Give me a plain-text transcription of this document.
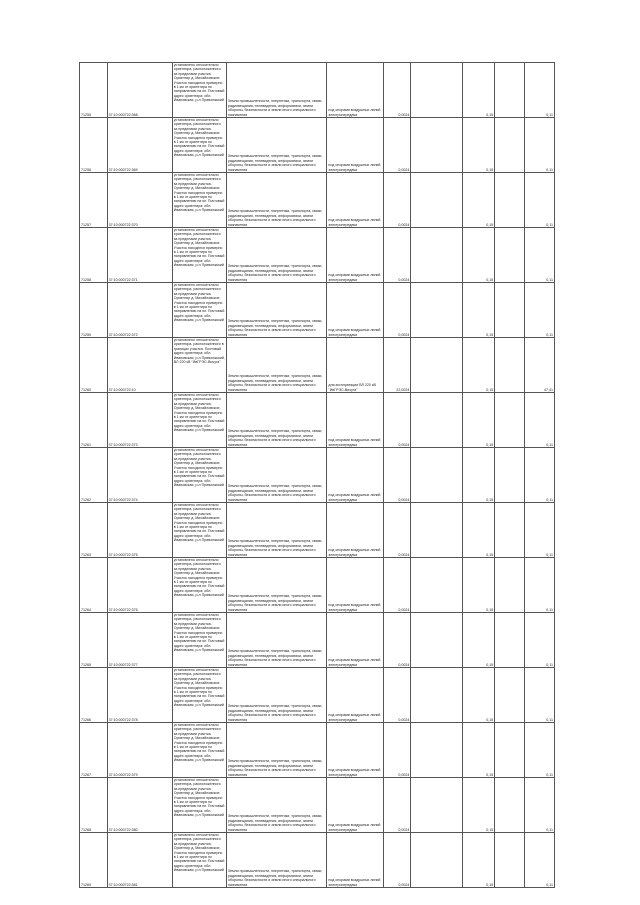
71255	37:10:000722:368	установлено относительно ориентира, расположенного за пределами участка. Ориентир д. Михайловское. Участок находится примерно в 1 км от ориентира по направлению на юг. Почтовый адрес ориентира: обл. Ивановская, р-н Приволжский	Земли промышленности, энергетики, транспорта, связи, радиовещания, телевидения, информатики, земли обороны, безопасности и земли иного специального назначения	под опорами воздушных линий электропередачи	0,0024		0,15		0,11
71256	37:10:000722:369	установлено относительно ориентира, расположенного за пределами участка. Ориентир д. Михайловское. Участок находится примерно в 1 км от ориентира по направлению на юг. Почтовый адрес ориентира: обл. Ивановская, р-н Приволжский	Земли промышленности, энергетики, транспорта, связи, радиовещания, телевидения, информатики, земли обороны, безопасности и земли иного специального назначения	под опорами воздушных линий электропередачи	0,0024		0,15		0,11
71257	37:10:000722:370	установлено относительно ориентира, расположенного за пределами участка. Ориентир д. Михайловское. Участок находится примерно в 1 км от ориентира по направлению на юг. Почтовый адрес ориентира: обл. Ивановская, р-н Приволжский	Земли промышленности, энергетики, транспорта, связи, радиовещания, телевидения, информатики, земли обороны, безопасности и земли иного специального назначения	под опорами воздушных линий электропередачи	0,0024		0,15		0,11
71258	37:10:000722:371	установлено относительно ориентира, расположенного за пределами участка. Ориентир д. Михайловское. Участок находится примерно в 1 км от ориентира по направлению на юг. Почтовый адрес ориентира: обл. Ивановская, р-н Приволжский	Земли промышленности, энергетики, транспорта, связи, радиовещания, телевидения, информатики, земли обороны, безопасности и земли иного специального назначения	под опорами воздушных линий электропередачи	0,0024		0,15		0,11
71259	37:10:000722:372	установлено относительно ориентира, расположенного за пределами участка. Ориентир д. Михайловское. Участок находится примерно в 1 км от ориентира по направлению на юг. Почтовый адрес ориентира: обл. Ивановская, р-н Приволжский	Земли промышленности, энергетики, транспорта, связи, радиовещания, телевидения, информатики, земли обороны, безопасности и земли иного специального назначения	под опорами воздушных линий электропередачи	0,0024		0,15		0,11
71260	37:10:000722:10	установлено относительно ориентира, расположенного в границах участка. Почтовый адрес ориентира: обл. Ивановская, р-н Приволжский, ВЛ 220 кВ "ИвГРЭС-Вичуга"	Земли промышленности, энергетики, транспорта, связи, радиовещания, телевидения, информатики, земли обороны, безопасности и земли иного специального назначения	для эксплуатации ВЛ 220 кВ "ИвГРЭС-Вичуга"	22,0024		0,15		47,41
71261	37:10:000722:373	установлено относительно ориентира, расположенного за пределами участка. Ориентир д. Михайловское. Участок находится примерно в 1 км от ориентира по направлению на юг. Почтовый адрес ориентира: обл. Ивановская, р-н Приволжский	Земли промышленности, энергетики, транспорта, связи, радиовещания, телевидения, информатики, земли обороны, безопасности и земли иного специального назначения	под опорами воздушных линий электропередачи	0,0024		0,15		0,11
71262	37:10:000722:374	установлено относительно ориентира, расположенного за пределами участка. Ориентир д. Михайловское. Участок находится примерно в 1 км от ориентира по направлению на юг. Почтовый адрес ориентира: обл. Ивановская, р-н Приволжский	Земли промышленности, энергетики, транспорта, связи, радиовещания, телевидения, информатики, земли обороны, безопасности и земли иного специального назначения	под опорами воздушных линий электропередачи	0,0024		0,15		0,11
71263	37:10:000722:375	установлено относительно ориентира, расположенного за пределами участка. Ориентир д. Михайловское. Участок находится примерно в 1 км от ориентира по направлению на юг. Почтовый адрес ориентира: обл. Ивановская, р-н Приволжский	Земли промышленности, энергетики, транспорта, связи, радиовещания, телевидения, информатики, земли обороны, безопасности и земли иного специального назначения	под опорами воздушных линий электропередачи	0,0024		0,15		0,11
71264	37:10:000722:376	установлено относительно ориентира, расположенного за пределами участка. Ориентир д. Михайловское. Участок находится примерно в 1 км от ориентира по направлению на юг. Почтовый адрес ориентира: обл. Ивановская, р-н Приволжский	Земли промышленности, энергетики, транспорта, связи, радиовещания, телевидения, информатики, земли обороны, безопасности и земли иного специального назначения	под опорами воздушных линий электропередачи	0,0024		0,15		0,11
71265	37:10:000722:377	установлено относительно ориентира, расположенного за пределами участка. Ориентир д. Михайловское. Участок находится примерно в 1 км от ориентира по направлению на юг. Почтовый адрес ориентира: обл. Ивановская, р-н Приволжский	Земли промышленности, энергетики, транспорта, связи, радиовещания, телевидения, информатики, земли обороны, безопасности и земли иного специального назначения	под опорами воздушных линий электропередачи	0,0024		0,15		0,11
71266	37:10:000722:378	установлено относительно ориентира, расположенного за пределами участка. Ориентир д. Михайловское. Участок находится примерно в 1 км от ориентира по направлению на юг. Почтовый адрес ориентира: обл. Ивановская, р-н Приволжский	Земли промышленности, энергетики, транспорта, связи, радиовещания, телевидения, информатики, земли обороны, безопасности и земли иного специального назначения	под опорами воздушных линий электропередачи	0,0024		0,15		0,11
71267	37:10:000722:379	установлено относительно ориентира, расположенного за пределами участка. Ориентир д. Михайловское. Участок находится примерно в 1 км от ориентира по направлению на юг. Почтовый адрес ориентира: обл. Ивановская, р-н Приволжский	Земли промышленности, энергетики, транспорта, связи, радиовещания, телевидения, информатики, земли обороны, безопасности и земли иного специального назначения	под опорами воздушных линий электропередачи	0,0024		0,15		0,11
71268	37:10:000722:380	установлено относительно ориентира, расположенного за пределами участка. Ориентир д. Михайловское. Участок находится примерно в 1 км от ориентира по направлению на юг. Почтовый адрес ориентира: обл. Ивановская, р-н Приволжский	Земли промышленности, энергетики, транспорта, связи, радиовещания, телевидения, информатики, земли обороны, безопасности и земли иного специального назначения	под опорами воздушных линий электропередачи	0,0024		0,15		0,11
71269	37:10:000722:381	установлено относительно ориентира, расположенного за пределами участка. Ориентир д. Михайловское. Участок находится примерно в 1 км от ориентира по направлению на юг. Почтовый адрес ориентира: обл. Ивановская, р-н Приволжский	Земли промышленности, энергетики, транспорта, связи, радиовещания, телевидения, информатики, земли обороны, безопасности и земли иного специального назначения	под опорами воздушных линий электропередачи	0,0024		0,15		0,11
